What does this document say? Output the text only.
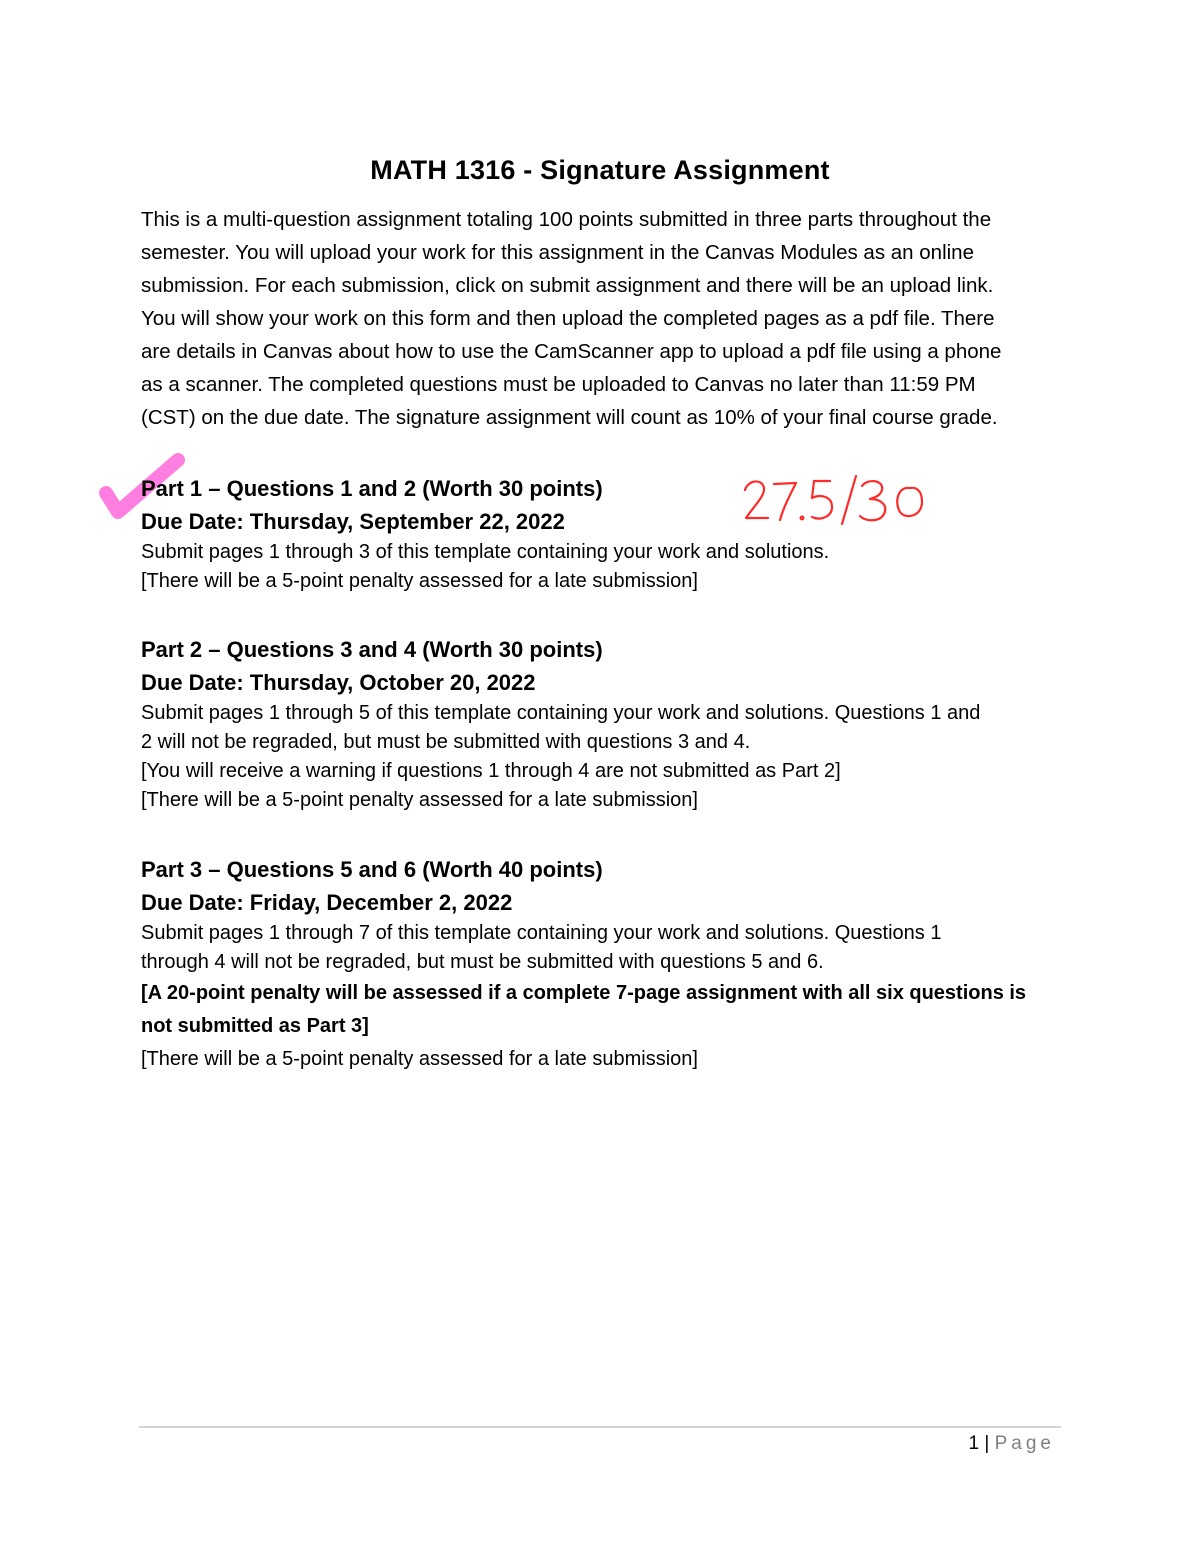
MATH 1316 - Signature Assignment
This is a multi-question assignment totaling 100 points submitted in three parts throughout the
semester. You will upload your work for this assignment in the Canvas Modules as an online
submission. For each submission, click on submit assignment and there will be an upload link.
You will show your work on this form and then upload the completed pages as a pdf file. There
are details in Canvas about how to use the CamScanner app to upload a pdf file using a phone
as a scanner. The completed questions must be uploaded to Canvas no later than 11:59 PM
(CST) on the due date. The signature assignment will count as 10% of your final course grade.
Part 1 – Questions 1 and 2 (Worth 30 points)
Due Date: Thursday, September 22, 2022
Submit pages 1 through 3 of this template containing your work and solutions.
[There will be a 5-point penalty assessed for a late submission]
Part 2 – Questions 3 and 4 (Worth 30 points)
Due Date: Thursday, October 20, 2022
Submit pages 1 through 5 of this template containing your work and solutions. Questions 1 and
2 will not be regraded, but must be submitted with questions 3 and 4.
[You will receive a warning if questions 1 through 4 are not submitted as Part 2]
[There will be a 5-point penalty assessed for a late submission]
Part 3 – Questions 5 and 6 (Worth 40 points)
Due Date: Friday, December 2, 2022
Submit pages 1 through 7 of this template containing your work and solutions. Questions 1
through 4 will not be regraded, but must be submitted with questions 5 and 6.
[A 20-point penalty will be assessed if a complete 7-page assignment with all six questions is
not submitted as Part 3]
[There will be a 5-point penalty assessed for a late submission]
1 | Page
